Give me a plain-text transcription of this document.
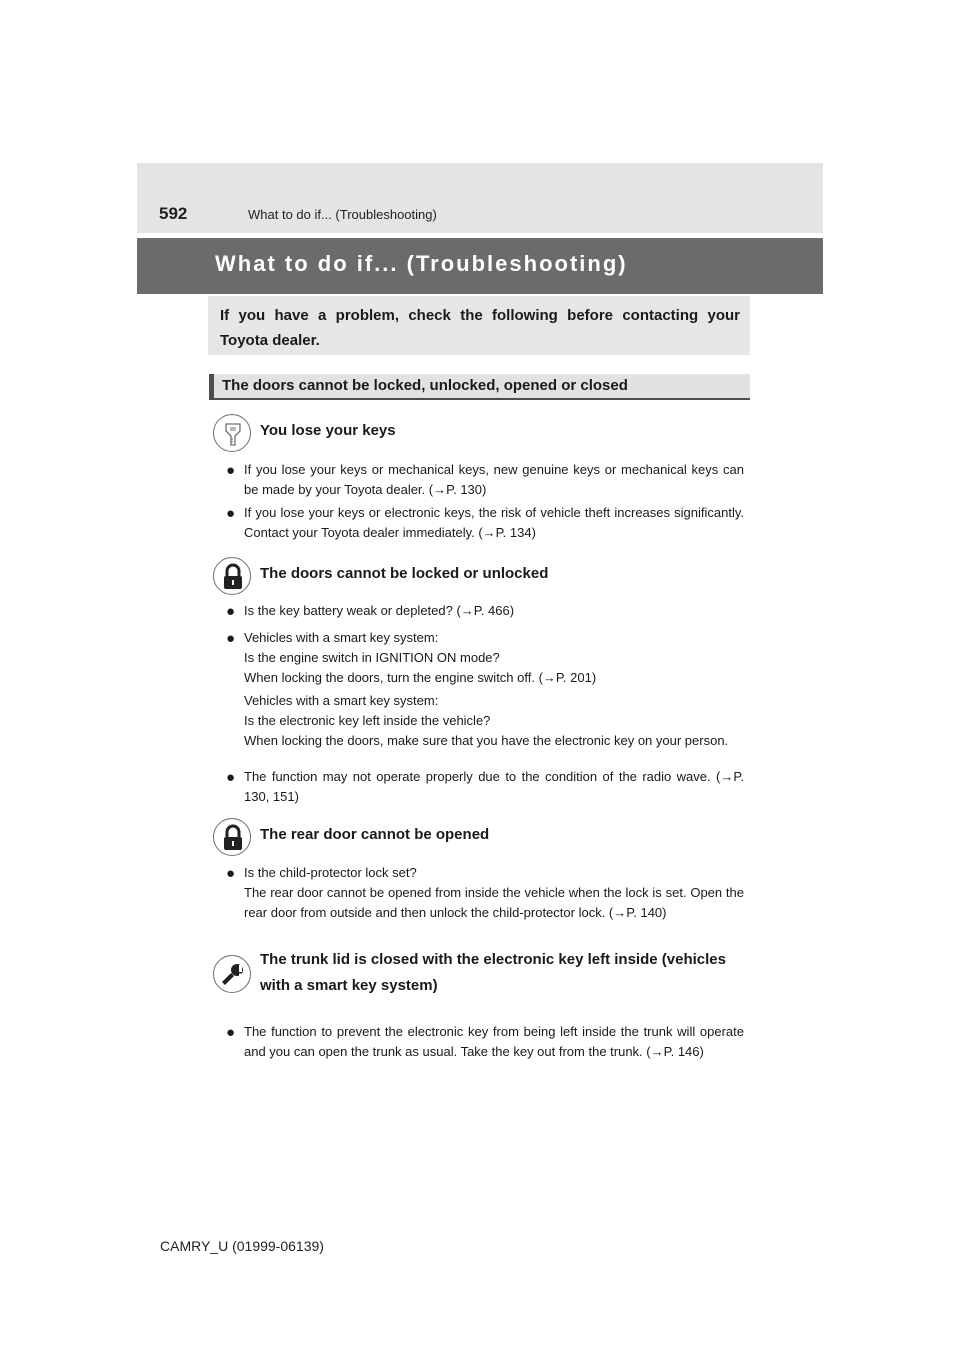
592	What to do if... (Troubleshooting)
What to do if... (Troubleshooting)
If you have a problem, check the following before contacting your Toyota dealer.
The doors cannot be locked, unlocked, opened or closed
You lose your keys
● If you lose your keys or mechanical keys, new genuine keys or mechanical keys can be made by your Toyota dealer. (→P. 130)
● If you lose your keys or electronic keys, the risk of vehicle theft increases significantly. Contact your Toyota dealer immediately. (→P. 134)
The doors cannot be locked or unlocked
● Is the key battery weak or depleted? (→P. 466)
● Vehicles with a smart key system:
Is the engine switch in IGNITION ON mode?
When locking the doors, turn the engine switch off. (→P. 201)
Vehicles with a smart key system:
Is the electronic key left inside the vehicle?
When locking the doors, make sure that you have the electronic key on your person.
● The function may not operate properly due to the condition of the radio wave. (→P. 130, 151)
The rear door cannot be opened
● Is the child-protector lock set?
The rear door cannot be opened from inside the vehicle when the lock is set. Open the rear door from outside and then unlock the child-protector lock. (→P. 140)
The trunk lid is closed with the electronic key left inside (vehicles with a smart key system)
● The function to prevent the electronic key from being left inside the trunk will operate and you can open the trunk as usual. Take the key out from the trunk. (→P. 146)
CAMRY_U (01999-06139)
